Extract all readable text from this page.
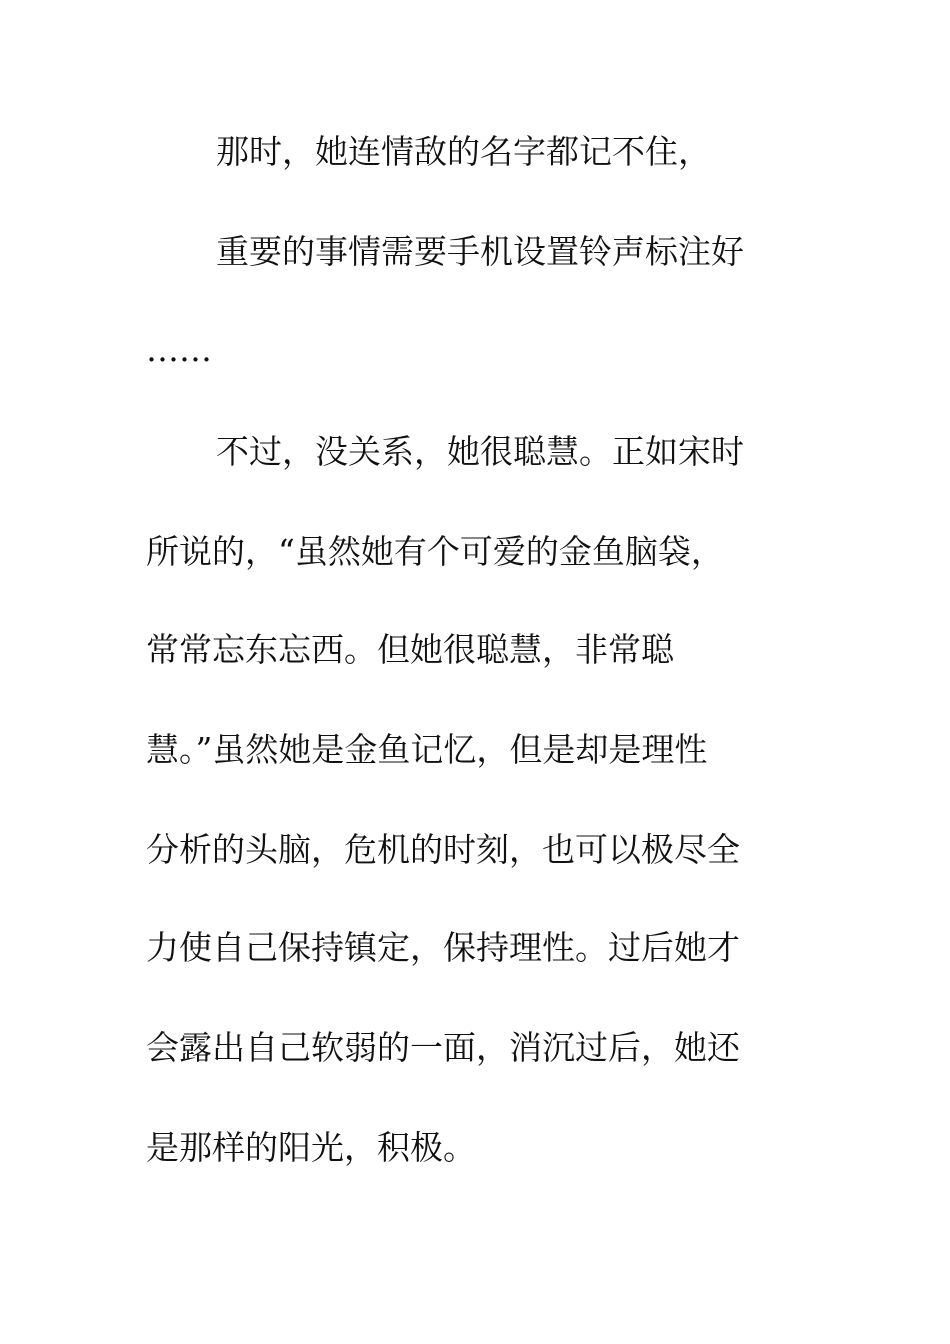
那时，她连情敌的名字都记不住，
重要的事情需要手机设置铃声标注好
……
不过，没关系，她很聪慧。正如宋时
所说的，“虽然她有个可爱的金鱼脑袋，
常常忘东忘西。但她很聪慧，非常聪
慧。”虽然她是金鱼记忆，但是却是理性
分析的头脑，危机的时刻，也可以极尽全
力使自己保持镇定，保持理性。过后她才
会露出自己软弱的一面，消沉过后，她还
是那样的阳光，积极。
